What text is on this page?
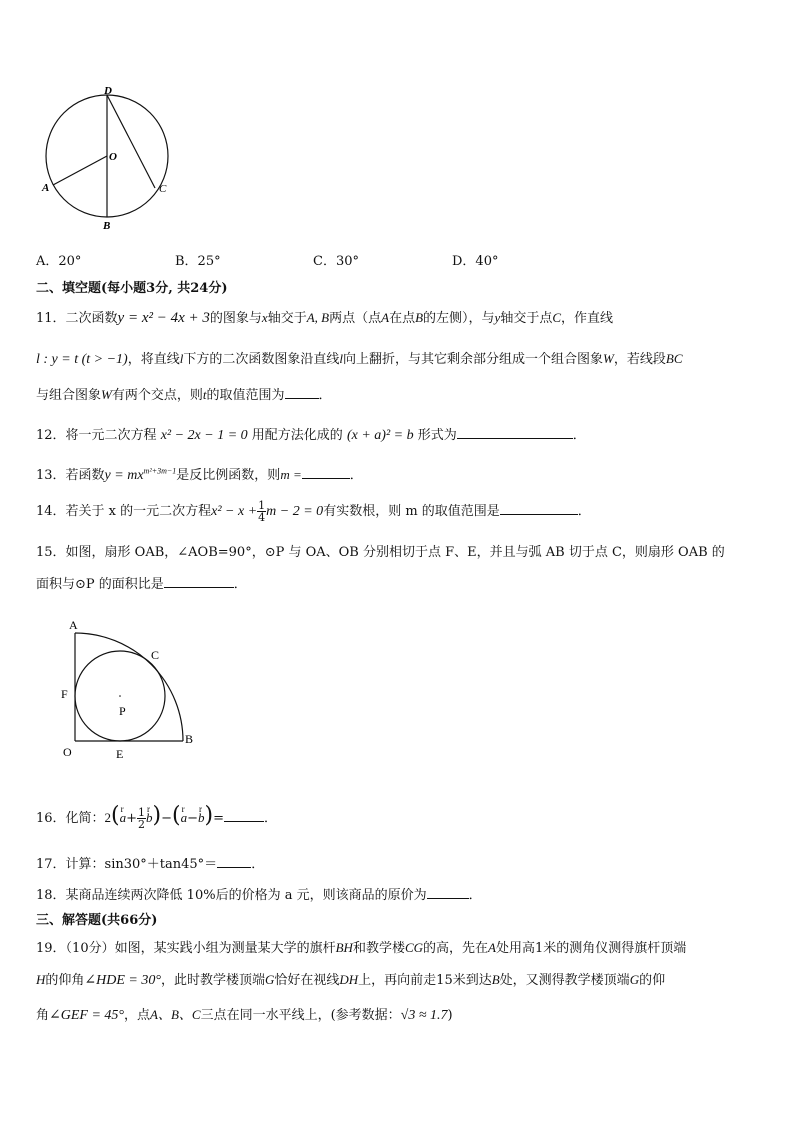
D
O
A
B
C
A．20°	B．25°	C．30°	D．40°
二、填空题(每小题3分, 共24分)
11．二次函数y = x² − 4x + 3的图象与x轴交于A, B两点（点A在点B的左侧），与y轴交于点C，作直线
l : y = t (t > −1)，将直线l下方的二次函数图象沿直线l向上翻折，与其它剩余部分组成一个组合图象W，若线段BC
与组合图象W有两个交点，则t的取值范围为	．
12．将一元二次方程 x² − 2x − 1 = 0 用配方法化成的 (x + a)² = b 形式为	．
13．若函数$y = mx^{m^2+3m-1}$是反比例函数，则m =	．
14．若关于 x 的一元二次方程$x^2 - x + \frac{1}{4}$ m − 2 = 0有实数根，则 m 的取值范围是	．
15．如图，扇形 OAB，∠AOB=90°，⊙P 与 OA、OB 分别相切于点 F、E，并且与弧 AB 切于点 C，则扇形 OAB 的
面积与⊙P 的面积比是	．
A
C
F
P
O	E
B
16．化简：2(r $a+ \frac{1}{2}$
r b)−(r a−r b)=	．
17．计算：sin30°＋tan45°＝	．
18．某商品连续两次降低 10%后的价格为 a 元，则该商品的原价为	．
三、解答题(共66分)
19．（10分）如图，某实践小组为测量某大学的旗杆BH和教学楼CG的高，先在A处用高1米的测角仪测得旗杆顶端
H的仰角∠HDE = 30°，此时教学楼顶端G恰好在视线DH上，再向前走15米到达B处，又测得教学楼顶端G的仰
角∠GEF = 45°，点A、B、C三点在同一水平线上，(参考数据：√3 ≈ 1.7)
